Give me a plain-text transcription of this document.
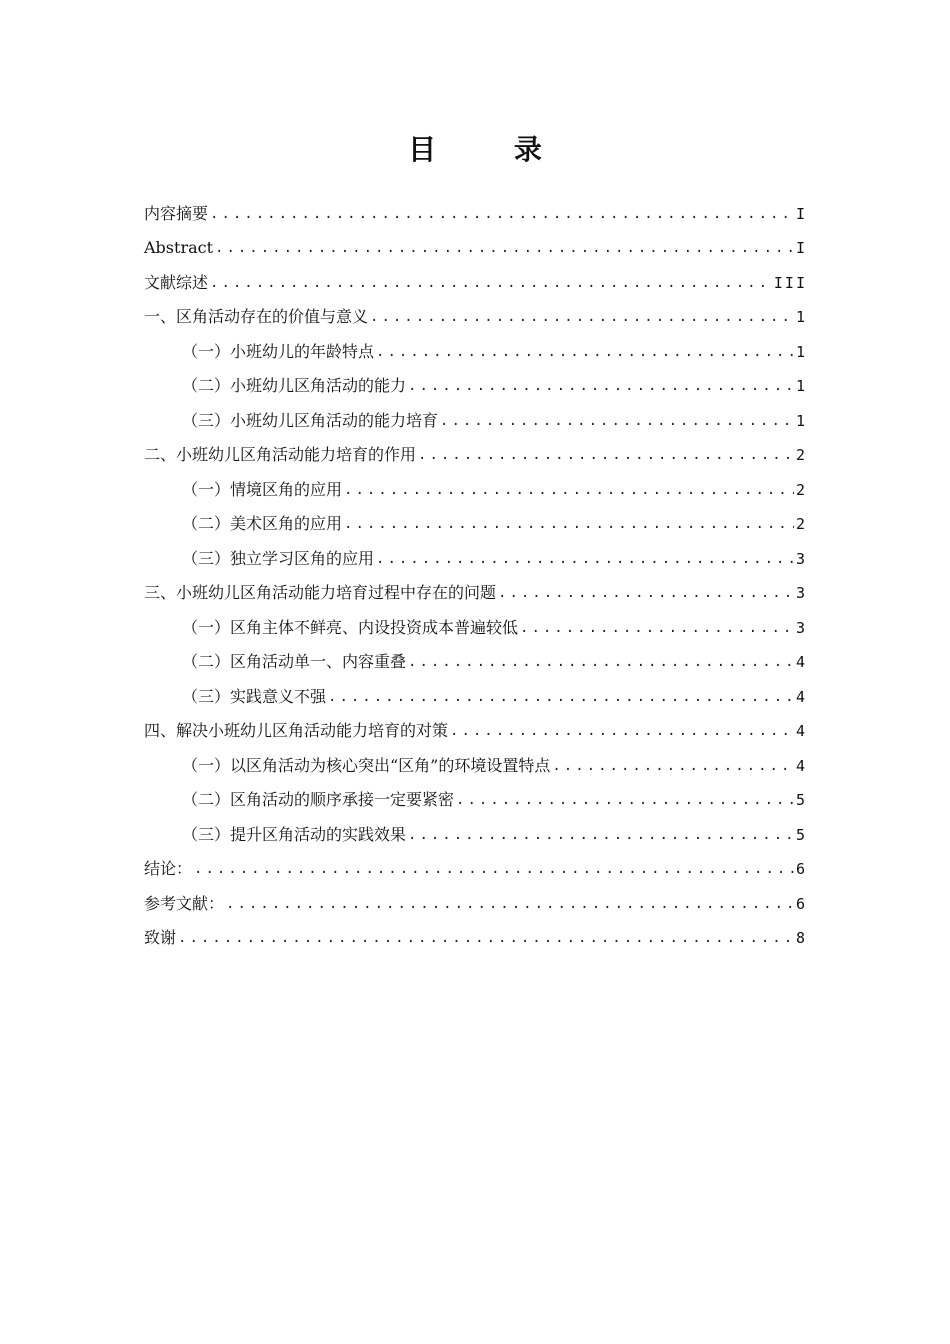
目 录
内容摘要 .....	I
Abstract .....	I
文献综述 .....	III
一、区角活动存在的价值与意义 .....	1
（一）小班幼儿的年龄特点 .....	1
（二）小班幼儿区角活动的能力 .....	1
（三）小班幼儿区角活动的能力培育 .....	1
二、小班幼儿区角活动能力培育的作用 .....	2
（一）情境区角的应用 .....	2
（二）美术区角的应用 .....	2
（三）独立学习区角的应用 .....	3
三、小班幼儿区角活动能力培育过程中存在的问题 .....	3
（一）区角主体不鲜亮、内设投资成本普遍较低 .....	3
（二）区角活动单一、内容重叠 .....	4
（三）实践意义不强 .....	4
四、解决小班幼儿区角活动能力培育的对策 .....	4
（一）以区角活动为核心突出“区角”的环境设置特点 .....	4
（二）区角活动的顺序承接一定要紧密 .....	5
（三）提升区角活动的实践效果 .....	5
结论： .....	6
参考文献： .....	6
致谢 .....	8
